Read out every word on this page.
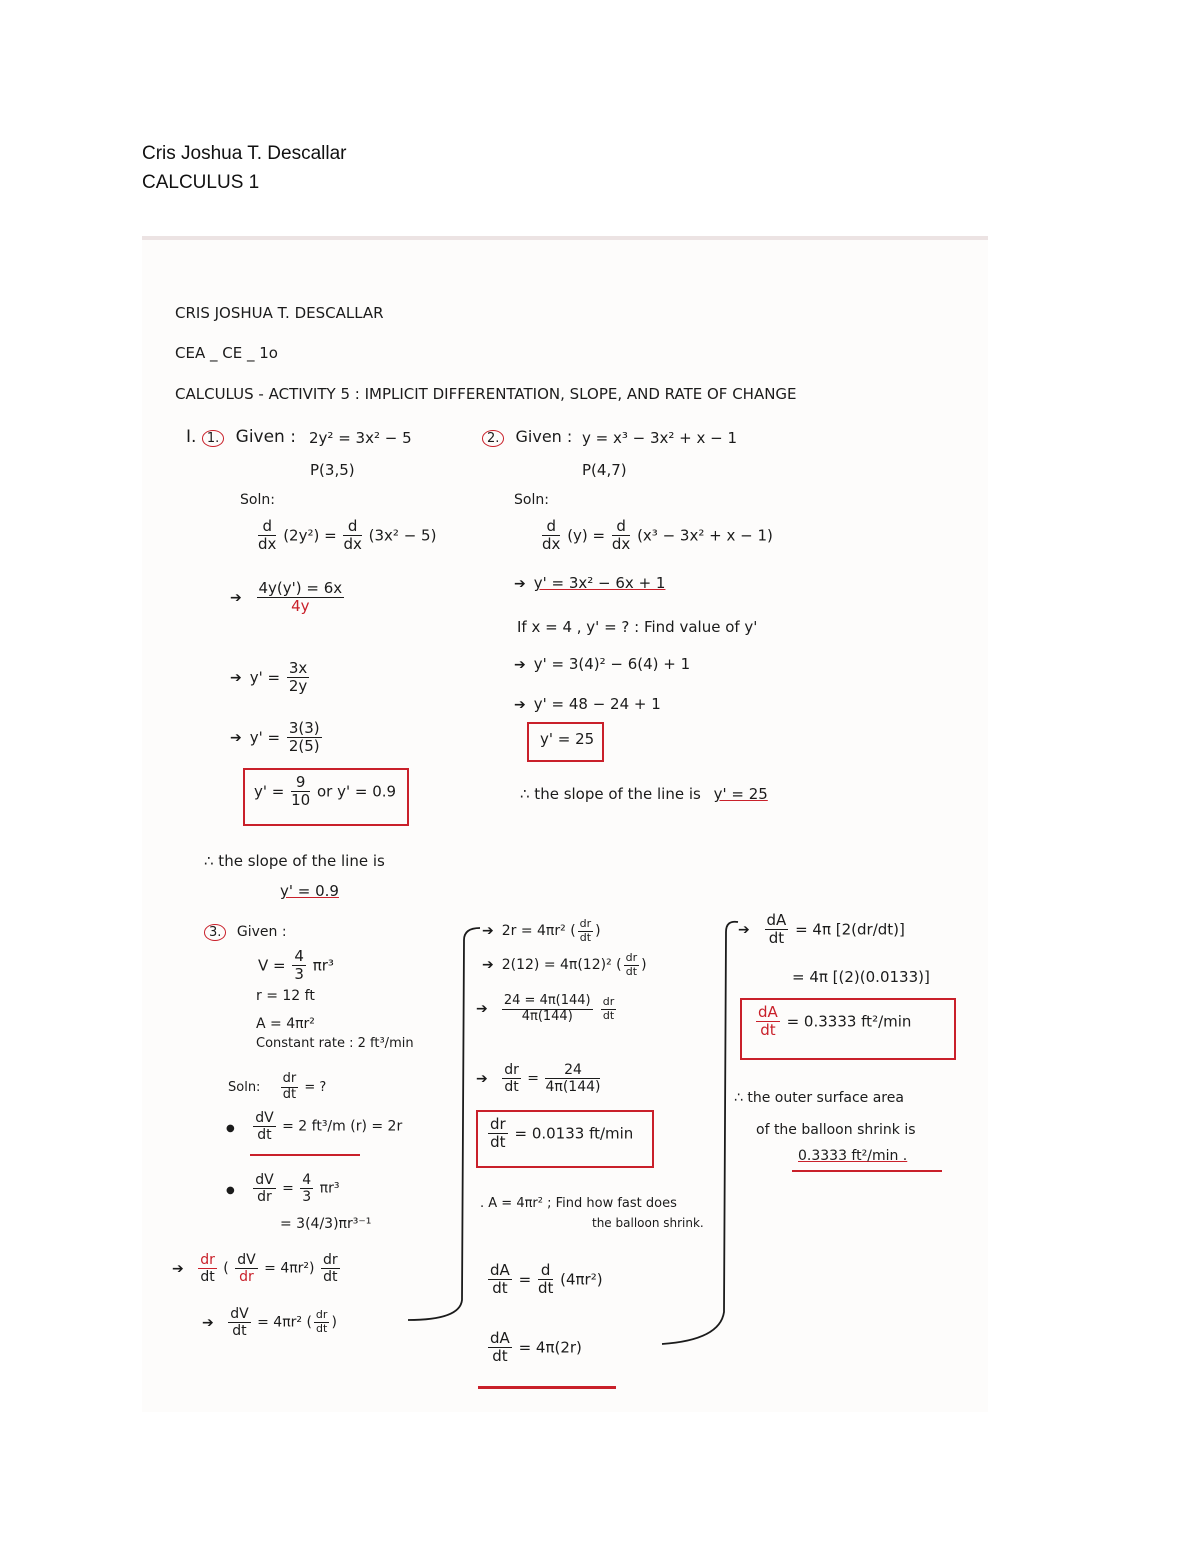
Cris Joshua T. Descallar
CALCULUS 1
CRIS JOSHUA T. DESCALLAR
CEA _ CE _ 1o
CALCULUS - ACTIVITY 5 : IMPLICIT DIFFERENTATION, SLOPE, AND RATE OF CHANGE
I. 1. Given : 2y² = 3x² − 5
P(3,5)
Soln:
$\frac{d}{dx} (2y^2) = \frac{d}{dx} (3x^2 - 5)$
➔ $\frac{4y(y') = 6x}{4y}$
➔ $y' = \frac{3x}{2y}$
➔ $y' = \frac{3(3)}{2(5)}$
$y' = \frac{9}{10}$ or y' = 0.9
∴ the slope of the line is
y' = 0.9
2. Given : y = x³ − 3x² + x − 1
P(4,7)
Soln:
$\frac{d}{dx} (y) = \frac{d}{dx} (x^3 - 3x^2 + x - 1)$
➔ y' = 3x² − 6x + 1
If x = 4 , y' = ? : Find value of y'
➔ y' = 3(4)² − 6(4) + 1
➔ y' = 48 − 24 + 1
y' = 25
∴ the slope of the line is y' = 25
3. Given :
$V = \frac{4}{3} \pi r^3$
r = 12 ft
A = 4πr²
Constant rate : 2 ft³/min
Soln: $\frac{dr}{dt}$ = ?
● $\frac{dV}{dt} = 2$ ft³/m (r) = 2r
● $\frac{dV}{dr} = \frac{4}{3} \pi r^3$
= 3(4/3)πr³⁻¹
➔ $\frac{dr}{dt}$ ( $\frac{dV}{dr} = 4\pi r^2) \frac{dr}{dt}$
➔ $\frac{dV}{dt} = 4\pi r^2$ ( $\frac{dr}{dt}$ )
➔ 2r = 4πr² ( $\frac{dr}{dt}$ )
➔ 2(12) = 4π(12)² ( $\frac{dr}{dt}$ )
➔ $\frac{24 = 4\pi(144)}{4\pi(144)}$
$\frac{dr}{dt}$
➔ $\frac{dr}{dt} = \frac{24}{4\pi(144)}$
$\frac{dr}{dt} = 0.0133$ ft/min
. A = 4πr² ; Find how fast does
the balloon shrink.
$\frac{dA}{dt} = \frac{d}{dt} (4\pi r^2)$
$\frac{dA}{dt} = 4\pi(2r)$
➔ $\frac{dA}{dt} = 4\pi$ [2(dr/dt)]
= 4π [(2)(0.0133)]
$\frac{dA}{dt} = 0.3333$ ft²/min
∴ the outer surface area
of the balloon shrink is
0.3333 ft²/min .
